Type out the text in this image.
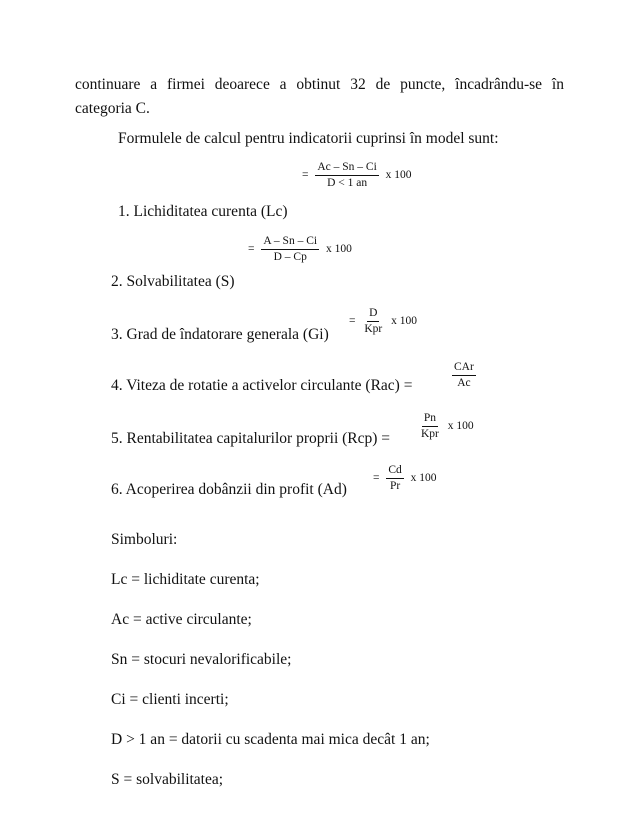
continuare a firmei deoarece a obtinut 32 de puncte, încadrându-se în
categoria C.
Formulele de calcul pentru indicatorii cuprinsi în model sunt:
= $\frac{Ac - Sn - Ci}{D < 1 an}$ x 100
1. Lichiditatea curenta (Lc)
= $\frac{A - Sn - Ci}{D - Cp}$ x 100
2. Solvabilitatea (S)
3. Grad de îndatorare generala (Gi)
= $\frac{D}{\text{Kpr}}$ x 100
4. Viteza de rotatie a activelor circulante (Rac) =	$\frac{\text{CAr}}{Ac}$
5. Rentabilitatea capitalurilor proprii (Rcp) =	$\frac{Pn}{\text{Kpr}}$ x 100
6. Acoperirea dobânzii din profit (Ad)
= $\frac{Cd}{Pr}$ x 100
Simboluri:
Lc = lichiditate curenta;
Ac = active circulante;
Sn = stocuri nevalorificabile;
Ci = clienti incerti;
D > 1 an = datorii cu scadenta mai mica decât 1 an;
S = solvabilitatea;
